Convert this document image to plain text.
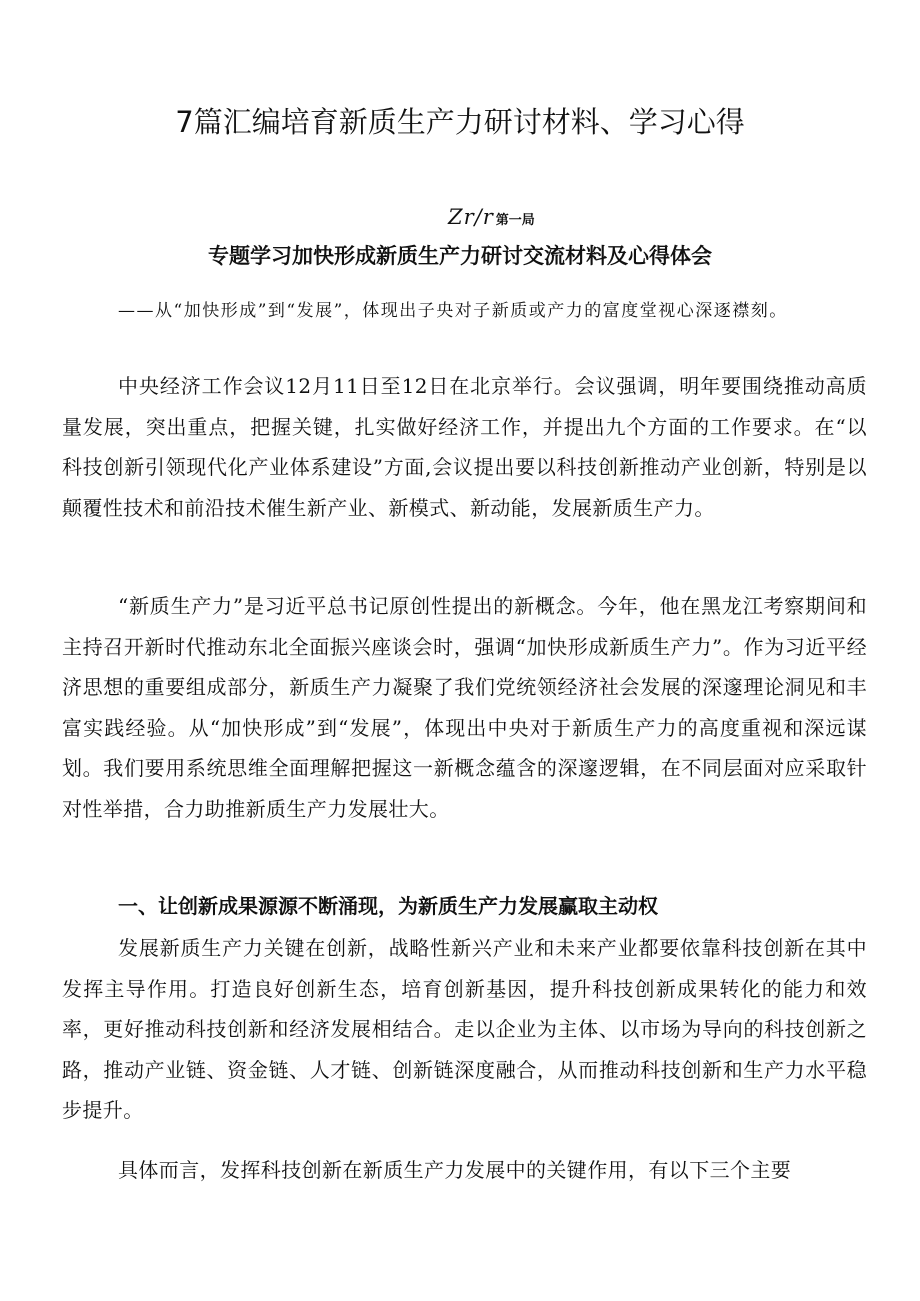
7篇汇编培育新质生产力研讨材料、学习心得
Zr/r 第一局
专题学习加快形成新质生产力研讨交流材料及心得体会

——从“加快形成”到“发展”，体现出子央对子新质或产力的富度堂视心深逐襟刻。

中央经济工作会议12月11日至12日在北京举行。会议强调，明年要围绕推动高质量发展，突出重点，把握关键，扎实做好经济工作，并提出九个方面的工作要求。在“以科技创新引领现代化产业体系建设”方面,会议提出要以科技创新推动产业创新，特别是以颠覆性技术和前沿技术催生新产业、新模式、新动能，发展新质生产力。

“新质生产力”是习近平总书记原创性提出的新概念。今年，他在黑龙江考察期间和主持召开新时代推动东北全面振兴座谈会时，强调“加快形成新质生产力”。作为习近平经济思想的重要组成部分，新质生产力凝聚了我们党统领经济社会发展的深邃理论洞见和丰富实践经验。从“加快形成”到“发展”，体现出中央对于新质生产力的高度重视和深远谋划。我们要用系统思维全面理解把握这一新概念蕴含的深邃逻辑，在不同层面对应采取针对性举措，合力助推新质生产力发展壮大。

一、让创新成果源源不断涌现，为新质生产力发展赢取主动权

发展新质生产力关键在创新，战略性新兴产业和未来产业都要依靠科技创新在其中发挥主导作用。打造良好创新生态，培育创新基因，提升科技创新成果转化的能力和效率，更好推动科技创新和经济发展相结合。走以企业为主体、以市场为导向的科技创新之路，推动产业链、资金链、人才链、创新链深度融合，从而推动科技创新和生产力水平稳步提升。

具体而言，发挥科技创新在新质生产力发展中的关键作用，有以下三个主要
